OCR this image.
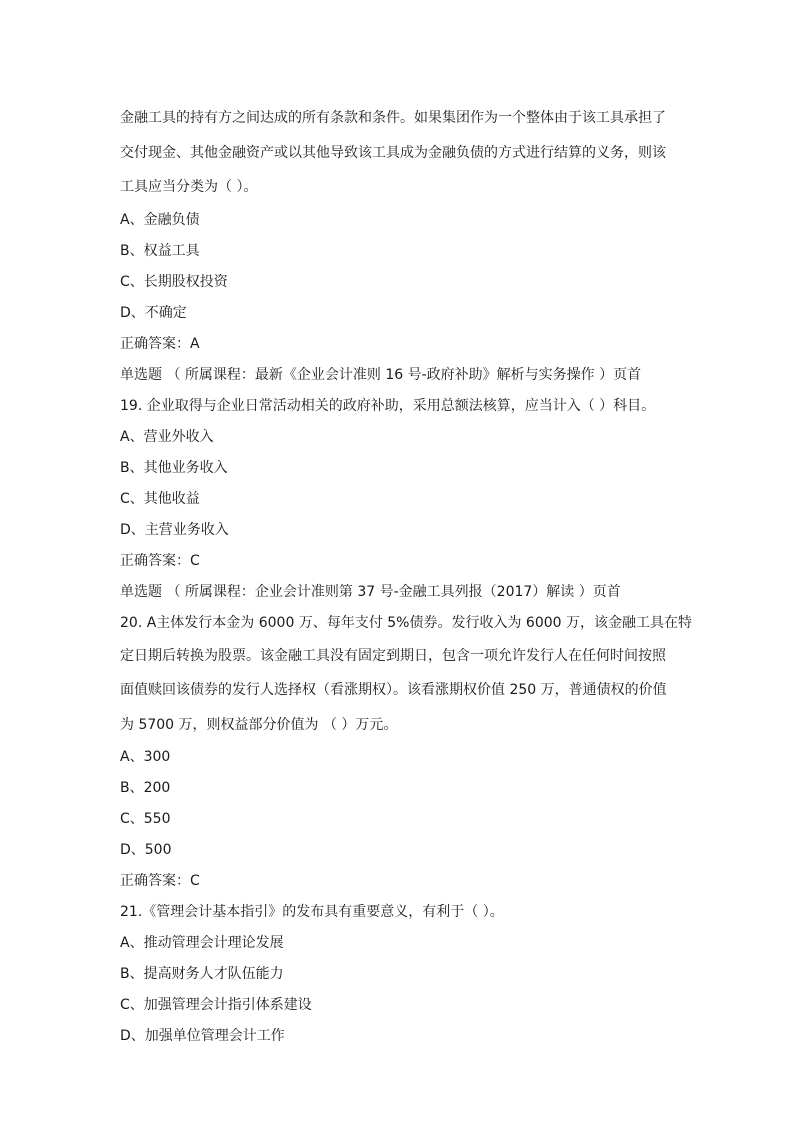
金融工具的持有方之间达成的所有条款和条件。如果集团作为一个整体由于该工具承担了
交付现金、其他金融资产或以其他导致该工具成为金融负债的方式进行结算的义务，则该
工具应当分类为（ ）。
A、金融负债
B、权益工具
C、长期股权投资
D、不确定
正确答案：A
单选题 （ 所属课程：最新《企业会计准则 16 号-政府补助》解析与实务操作 ）页首
19. 企业取得与企业日常活动相关的政府补助，采用总额法核算，应当计入（ ）科目。
A、营业外收入
B、其他业务收入
C、其他收益
D、主营业务收入
正确答案：C
单选题 （ 所属课程：企业会计准则第 37 号-金融工具列报（2017）解读 ）页首
20. A主体发行本金为 6000 万、每年支付 5%债券。发行收入为 6000 万，该金融工具在特
定日期后转换为股票。该金融工具没有固定到期日，包含一项允许发行人在任何时间按照
面值赎回该债券的发行人选择权（看涨期权）。该看涨期权价值 250 万，普通债权的价值
为 5700 万，则权益部分价值为 （ ）万元。
A、300
B、200
C、550
D、500
正确答案：C
21.《管理会计基本指引》的发布具有重要意义，有利于（ ）。
A、推动管理会计理论发展
B、提高财务人才队伍能力
C、加强管理会计指引体系建设
D、加强单位管理会计工作
